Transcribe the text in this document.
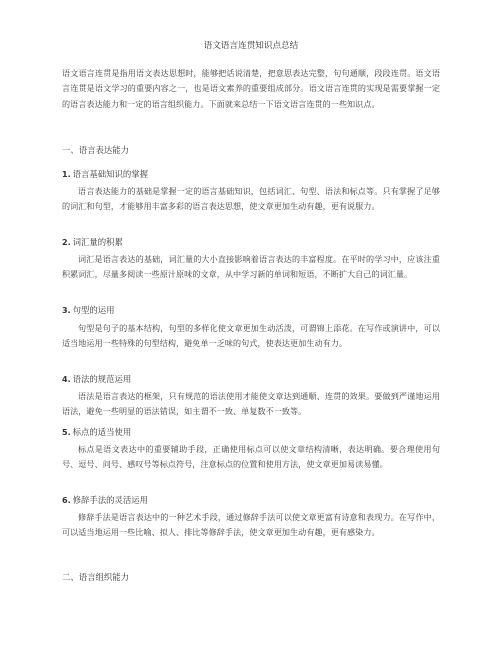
语文语言连贯知识点总结

语文语言连贯是指用语文表达思想时，能够把话说清楚，把意思表达完整，句句通顺，段段连贯。语文语言连贯是语文学习的重要内容之一，也是语文素养的重要组成部分。语文语言连贯的实现是需要掌握一定的语言表达能力和一定的语言组织能力。下面就来总结一下语文语言连贯的一些知识点。

一、语言表达能力
1. 语言基础知识的掌握

语言表达能力的基础是掌握一定的语言基础知识，包括词汇、句型、语法和标点等。只有掌握了足够的词汇和句型，才能够用丰富多彩的语言表达思想，使文章更加生动有趣，更有说服力。

2. 词汇量的积累

词汇是语言表达的基础，词汇量的大小直接影响着语言表达的丰富程度。在平时的学习中，应该注重积累词汇，尽量多阅读一些原汁原味的文章，从中学习新的单词和短语，不断扩大自己的词汇量。

3. 句型的运用

句型是句子的基本结构，句型的多样化使文章更加生动活泼，可谓锦上添花。在写作或演讲中，可以适当地运用一些特殊的句型结构，避免单一乏味的句式，使表达更加生动有力。

4. 语法的规范运用

语法是语言表达的框架，只有规范的语法使用才能使文章达到通顺、连贯的效果。要做到严谨地运用语法，避免一些明显的语法错误，如主谓不一致、单复数不一致等。

5. 标点的适当使用

标点是语文表达中的重要辅助手段，正确使用标点可以使文章结构清晰，表达明确。要合理使用句号、逗号、问号、感叹号等标点符号，注意标点的位置和使用方法，使文章更加易读易懂。

6. 修辞手法的灵活运用

修辞手法是语言表达中的一种艺术手段，通过修辞手法可以使文章更富有诗意和表现力。在写作中，可以适当地运用一些比喻、拟人、排比等修辞手法，使文章更加生动有趣，更有感染力。

二、语言组织能力
